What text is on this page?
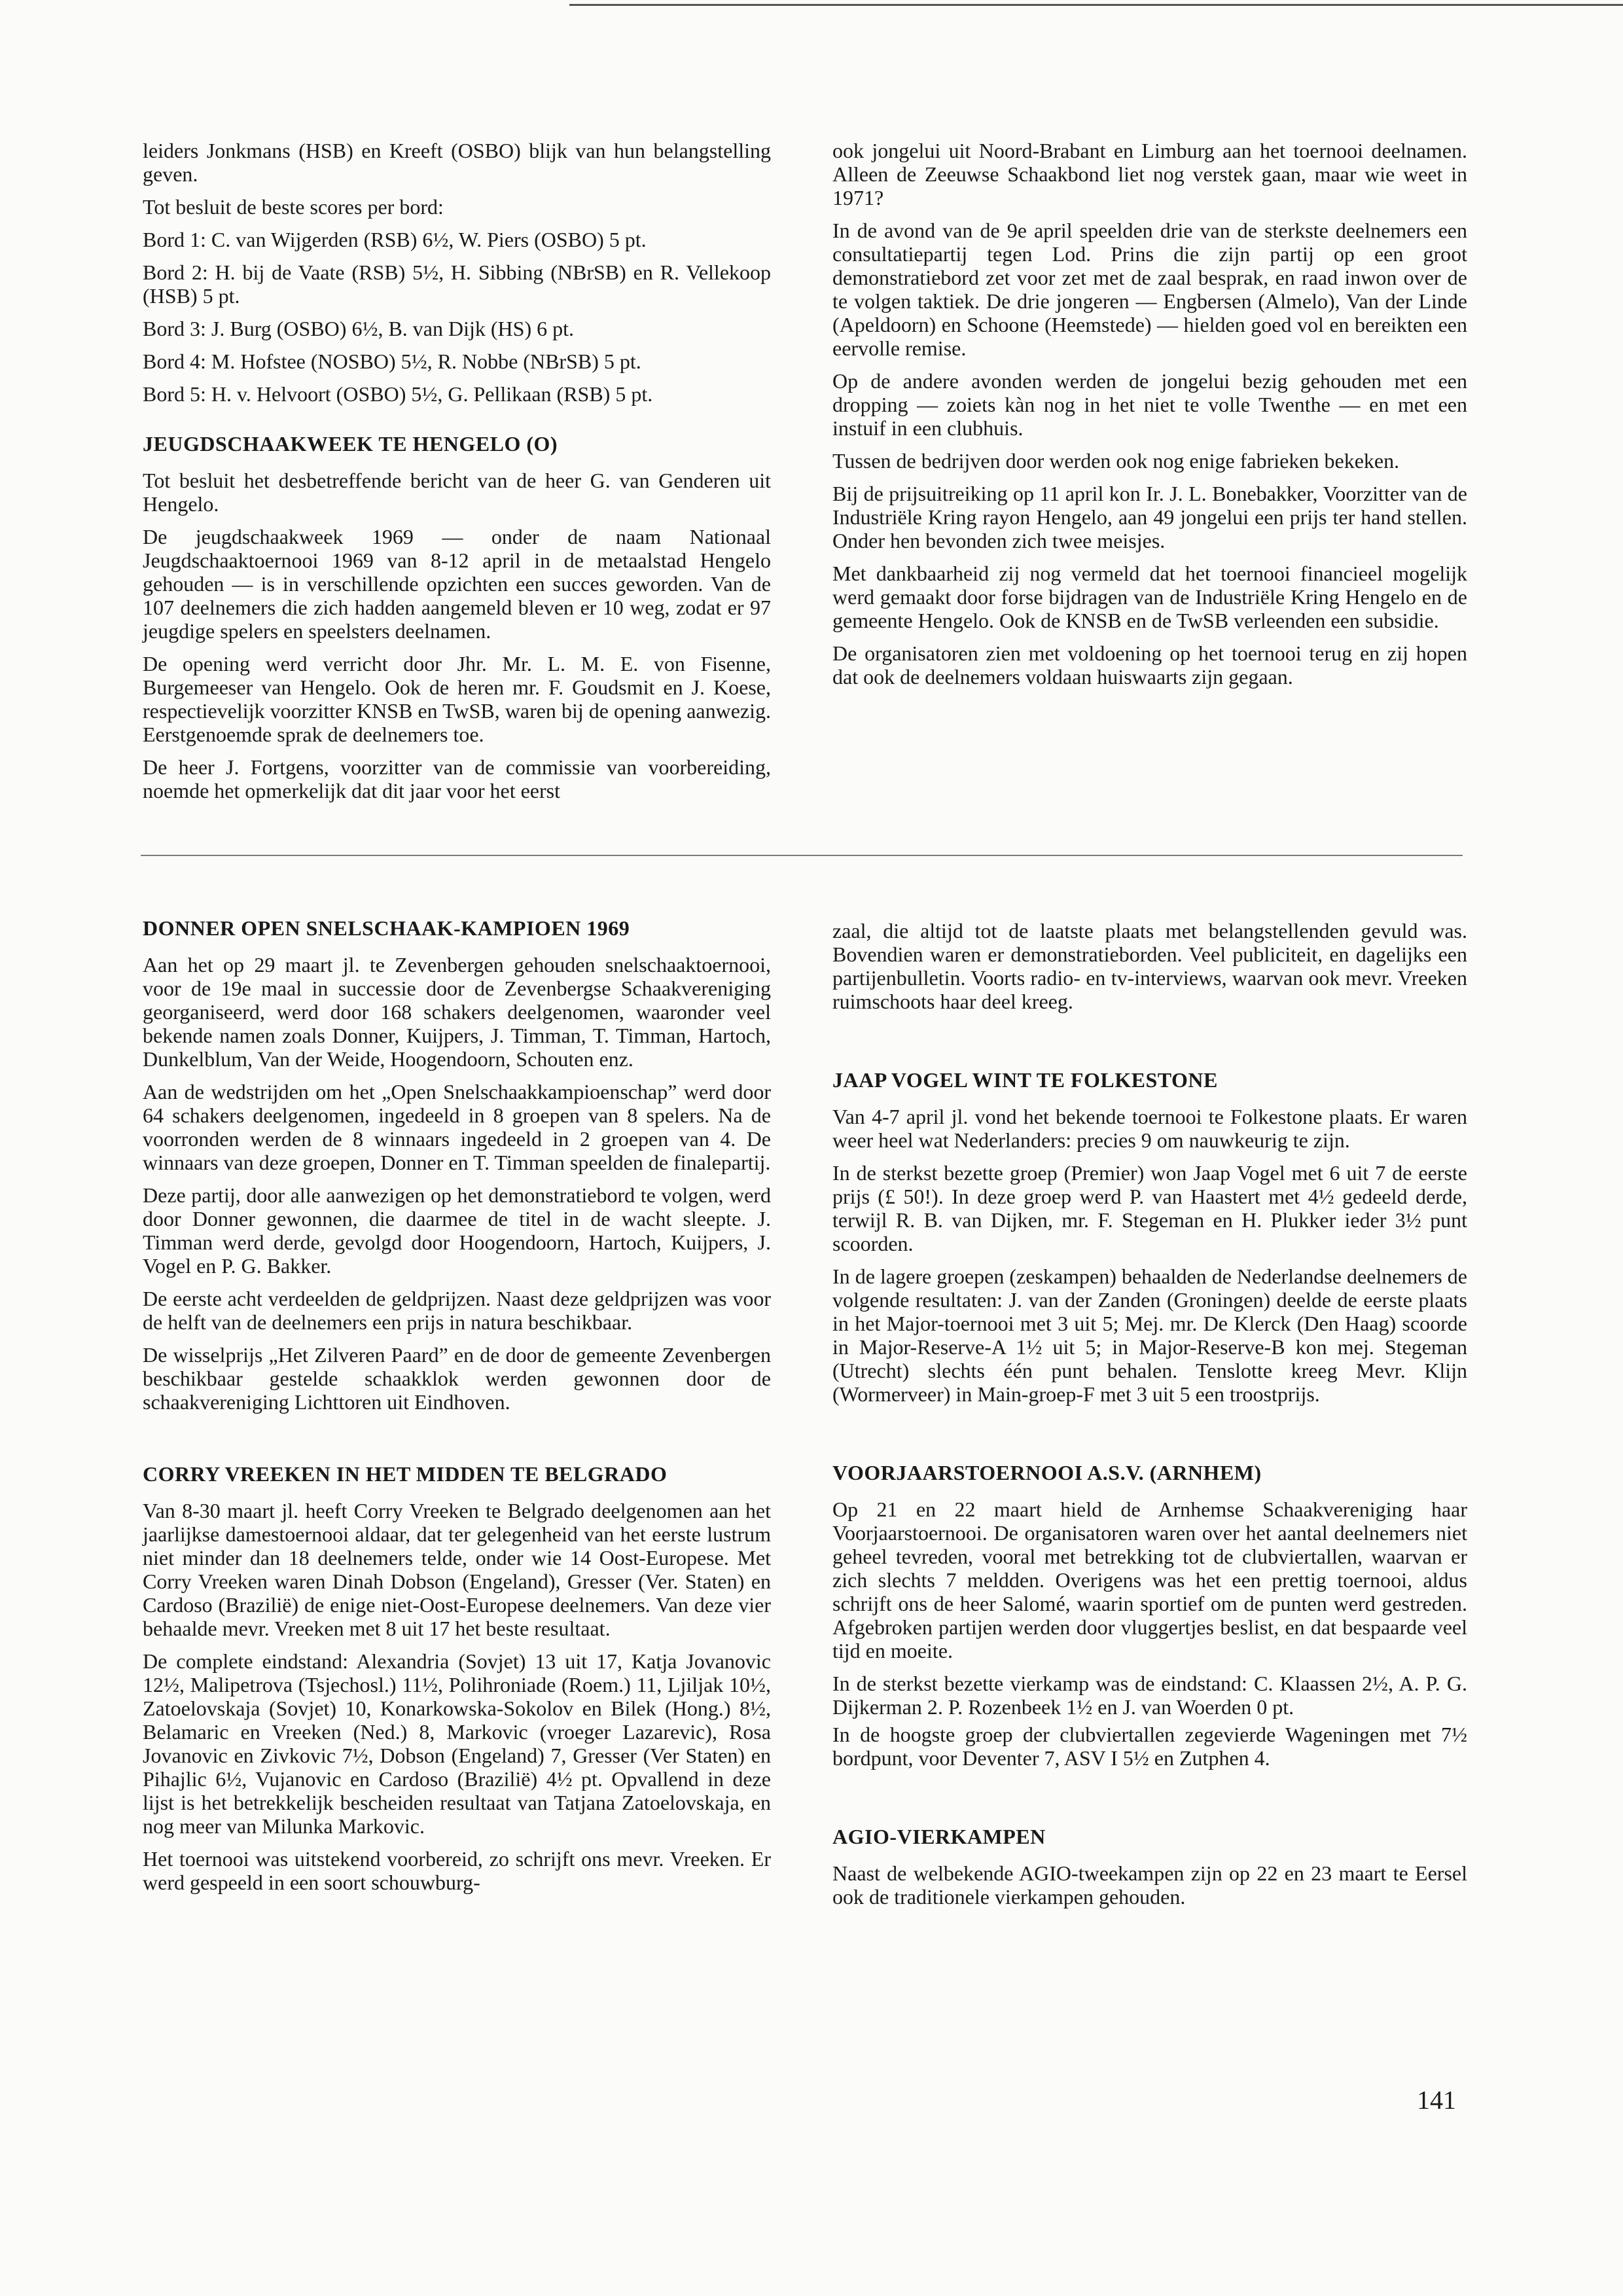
leiders Jonkmans (HSB) en Kreeft (OSBO) blijk van hun belangstelling geven.

Tot besluit de beste scores per bord:

Bord 1: C. van Wijgerden (RSB) 6½, W. Piers (OSBO) 5 pt.

Bord 2: H. bij de Vaate (RSB) 5½, H. Sibbing (NBrSB) en R. Vellekoop (HSB) 5 pt.

Bord 3: J. Burg (OSBO) 6½, B. van Dijk (HS) 6 pt.

Bord 4: M. Hofstee (NOSBO) 5½, R. Nobbe (NBrSB) 5 pt.

Bord 5: H. v. Helvoort (OSBO) 5½, G. Pellikaan (RSB) 5 pt.

JEUGDSCHAAKWEEK TE HENGELO (O)

Tot besluit het desbetreffende bericht van de heer G. van Genderen uit Hengelo.

De jeugdschaakweek 1969 — onder de naam Nationaal Jeugdschaaktoernooi 1969 van 8-12 april in de metaalstad Hengelo gehouden — is in verschillende opzichten een succes geworden. Van de 107 deelnemers die zich hadden aangemeld bleven er 10 weg, zodat er 97 jeugdige spelers en speelsters deelnamen.

De opening werd verricht door Jhr. Mr. L. M. E. von Fisenne, Burgemeeser van Hengelo. Ook de heren mr. F. Goudsmit en J. Koese, respectievelijk voorzitter KNSB en TwSB, waren bij de opening aanwezig. Eerstgenoemde sprak de deelnemers toe.

De heer J. Fortgens, voorzitter van de commissie van voorbereiding, noemde het opmerkelijk dat dit jaar voor het eerst

ook jongelui uit Noord-Brabant en Limburg aan het toernooi deelnamen. Alleen de Zeeuwse Schaakbond liet nog verstek gaan, maar wie weet in 1971?

In de avond van de 9e april speelden drie van de sterkste deelnemers een consultatiepartij tegen Lod. Prins die zijn partij op een groot demonstratiebord zet voor zet met de zaal besprak, en raad inwon over de te volgen taktiek. De drie jongeren — Engbersen (Almelo), Van der Linde (Apeldoorn) en Schoone (Heemstede) — hielden goed vol en bereikten een eervolle remise.

Op de andere avonden werden de jongelui bezig gehouden met een dropping — zoiets kàn nog in het niet te volle Twenthe — en met een instuif in een clubhuis.

Tussen de bedrijven door werden ook nog enige fabrieken bekeken.

Bij de prijsuitreiking op 11 april kon Ir. J. L. Bonebakker, Voorzitter van de Industriële Kring rayon Hengelo, aan 49 jongelui een prijs ter hand stellen. Onder hen bevonden zich twee meisjes.

Met dankbaarheid zij nog vermeld dat het toernooi financieel mogelijk werd gemaakt door forse bijdragen van de Industriële Kring Hengelo en de gemeente Hengelo. Ook de KNSB en de TwSB verleenden een subsidie.

De organisatoren zien met voldoening op het toernooi terug en zij hopen dat ook de deelnemers voldaan huiswaarts zijn gegaan.

DONNER OPEN SNELSCHAAK-KAMPIOEN 1969

Aan het op 29 maart jl. te Zevenbergen gehouden snelschaaktoernooi, voor de 19e maal in successie door de Zevenbergse Schaakvereniging georganiseerd, werd door 168 schakers deelgenomen, waaronder veel bekende namen zoals Donner, Kuijpers, J. Timman, T. Timman, Hartoch, Dunkelblum, Van der Weide, Hoogendoorn, Schouten enz.

Aan de wedstrijden om het „Open Snelschaakkampioenschap” werd door 64 schakers deelgenomen, ingedeeld in 8 groepen van 8 spelers. Na de voorronden werden de 8 winnaars ingedeeld in 2 groepen van 4. De winnaars van deze groepen, Donner en T. Timman speelden de finalepartij.

Deze partij, door alle aanwezigen op het demonstratiebord te volgen, werd door Donner gewonnen, die daarmee de titel in de wacht sleepte. J. Timman werd derde, gevolgd door Hoogendoorn, Hartoch, Kuijpers, J. Vogel en P. G. Bakker.

De eerste acht verdeelden de geldprijzen. Naast deze geldprijzen was voor de helft van de deelnemers een prijs in natura beschikbaar.

De wisselprijs „Het Zilveren Paard” en de door de gemeente Zevenbergen beschikbaar gestelde schaakklok werden gewonnen door de schaakvereniging Lichttoren uit Eindhoven.

CORRY VREEKEN IN HET MIDDEN TE BELGRADO

Van 8-30 maart jl. heeft Corry Vreeken te Belgrado deelgenomen aan het jaarlijkse damestoernooi aldaar, dat ter gelegenheid van het eerste lustrum niet minder dan 18 deelnemers telde, onder wie 14 Oost-Europese. Met Corry Vreeken waren Dinah Dobson (Engeland), Gresser (Ver. Staten) en Cardoso (Brazilië) de enige niet-Oost-Europese deelnemers. Van deze vier behaalde mevr. Vreeken met 8 uit 17 het beste resultaat.

De complete eindstand: Alexandria (Sovjet) 13 uit 17, Katja Jovanovic 12½, Malipetrova (Tsjechosl.) 11½, Polihroniade (Roem.) 11, Ljiljak 10½, Zatoelovskaja (Sovjet) 10, Konarkowska-Sokolov en Bilek (Hong.) 8½, Belamaric en Vreeken (Ned.) 8, Markovic (vroeger Lazarevic), Rosa Jovanovic en Zivkovic 7½, Dobson (Engeland) 7, Gresser (Ver Staten) en Pihajlic 6½, Vujanovic en Cardoso (Brazilië) 4½ pt. Opvallend in deze lijst is het betrekkelijk bescheiden resultaat van Tatjana Zatoelovskaja, en nog meer van Milunka Markovic.

Het toernooi was uitstekend voorbereid, zo schrijft ons mevr. Vreeken. Er werd gespeeld in een soort schouwburg-

zaal, die altijd tot de laatste plaats met belangstellenden gevuld was. Bovendien waren er demonstratieborden. Veel publiciteit, en dagelijks een partijenbulletin. Voorts radio- en tv-interviews, waarvan ook mevr. Vreeken ruimschoots haar deel kreeg.

JAAP VOGEL WINT TE FOLKESTONE

Van 4-7 april jl. vond het bekende toernooi te Folkestone plaats. Er waren weer heel wat Nederlanders: precies 9 om nauwkeurig te zijn.

In de sterkst bezette groep (Premier) won Jaap Vogel met 6 uit 7 de eerste prijs (£ 50!). In deze groep werd P. van Haastert met 4½ gedeeld derde, terwijl R. B. van Dijken, mr. F. Stegeman en H. Plukker ieder 3½ punt scoorden.

In de lagere groepen (zeskampen) behaalden de Nederlandse deelnemers de volgende resultaten: J. van der Zanden (Groningen) deelde de eerste plaats in het Major-toernooi met 3 uit 5; Mej. mr. De Klerck (Den Haag) scoorde in Major-Reserve-A 1½ uit 5; in Major-Reserve-B kon mej. Stegeman (Utrecht) slechts één punt behalen. Tenslotte kreeg Mevr. Klijn (Wormerveer) in Main-groep-F met 3 uit 5 een troostprijs.

VOORJAARSTOERNOOI A.S.V. (ARNHEM)

Op 21 en 22 maart hield de Arnhemse Schaakvereniging haar Voorjaarstoernooi. De organisatoren waren over het aantal deelnemers niet geheel tevreden, vooral met betrekking tot de clubviertallen, waarvan er zich slechts 7 meldden. Overigens was het een prettig toernooi, aldus schrijft ons de heer Salomé, waarin sportief om de punten werd gestreden. Afgebroken partijen werden door vluggertjes beslist, en dat bespaarde veel tijd en moeite.

In de sterkst bezette vierkamp was de eindstand: C. Klaassen 2½, A. P. G. Dijkerman 2. P. Rozenbeek 1½ en J. van Woerden 0 pt.

In de hoogste groep der clubviertallen zegevierde Wageningen met 7½ bordpunt, voor Deventer 7, ASV I 5½ en Zutphen 4.

AGIO-VIERKAMPEN

Naast de welbekende AGIO-tweekampen zijn op 22 en 23 maart te Eersel ook de traditionele vierkampen gehouden.

141
